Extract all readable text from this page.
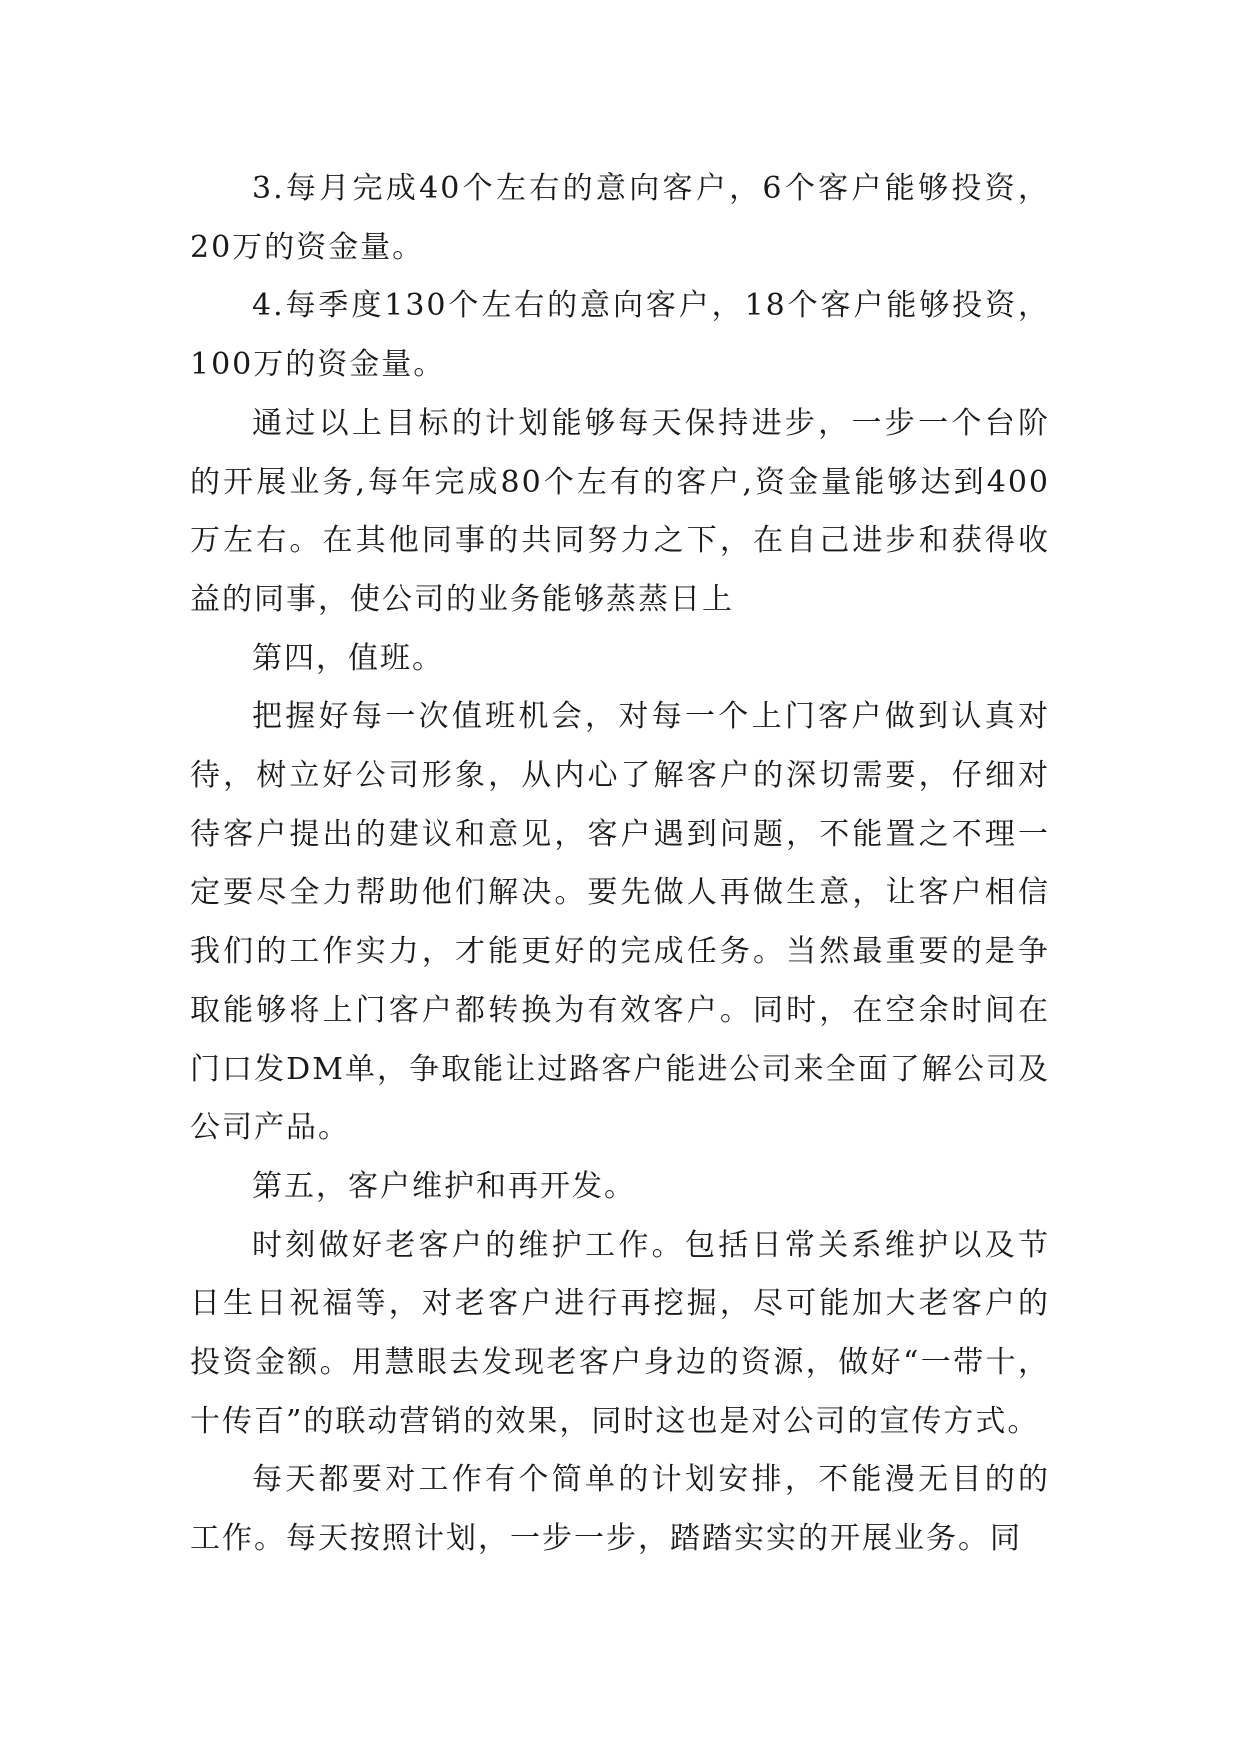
3.每月完成40个左右的意向客户，6个客户能够投资，20万的资金量。

4.每季度130个左右的意向客户，18个客户能够投资，100万的资金量。

通过以上目标的计划能够每天保持进步，一步一个台阶的开展业务,每年完成80个左有的客户,资金量能够达到400万左右。在其他同事的共同努力之下，在自己进步和获得收益的同事，使公司的业务能够蒸蒸日上

第四，值班。

把握好每一次值班机会，对每一个上门客户做到认真对待，树立好公司形象，从内心了解客户的深切需要，仔细对待客户提出的建议和意见，客户遇到问题，不能置之不理一定要尽全力帮助他们解决。要先做人再做生意，让客户相信我们的工作实力，才能更好的完成任务。当然最重要的是争取能够将上门客户都转换为有效客户。同时，在空余时间在门口发DM单，争取能让过路客户能进公司来全面了解公司及公司产品。

第五，客户维护和再开发。

时刻做好老客户的维护工作。包括日常关系维护以及节日生日祝福等，对老客户进行再挖掘，尽可能加大老客户的投资金额。用慧眼去发现老客户身边的资源，做好“一带十，十传百”的联动营销的效果，同时这也是对公司的宣传方式。

每天都要对工作有个简单的计划安排，不能漫无目的的工作。每天按照计划，一步一步，踏踏实实的开展业务。同
